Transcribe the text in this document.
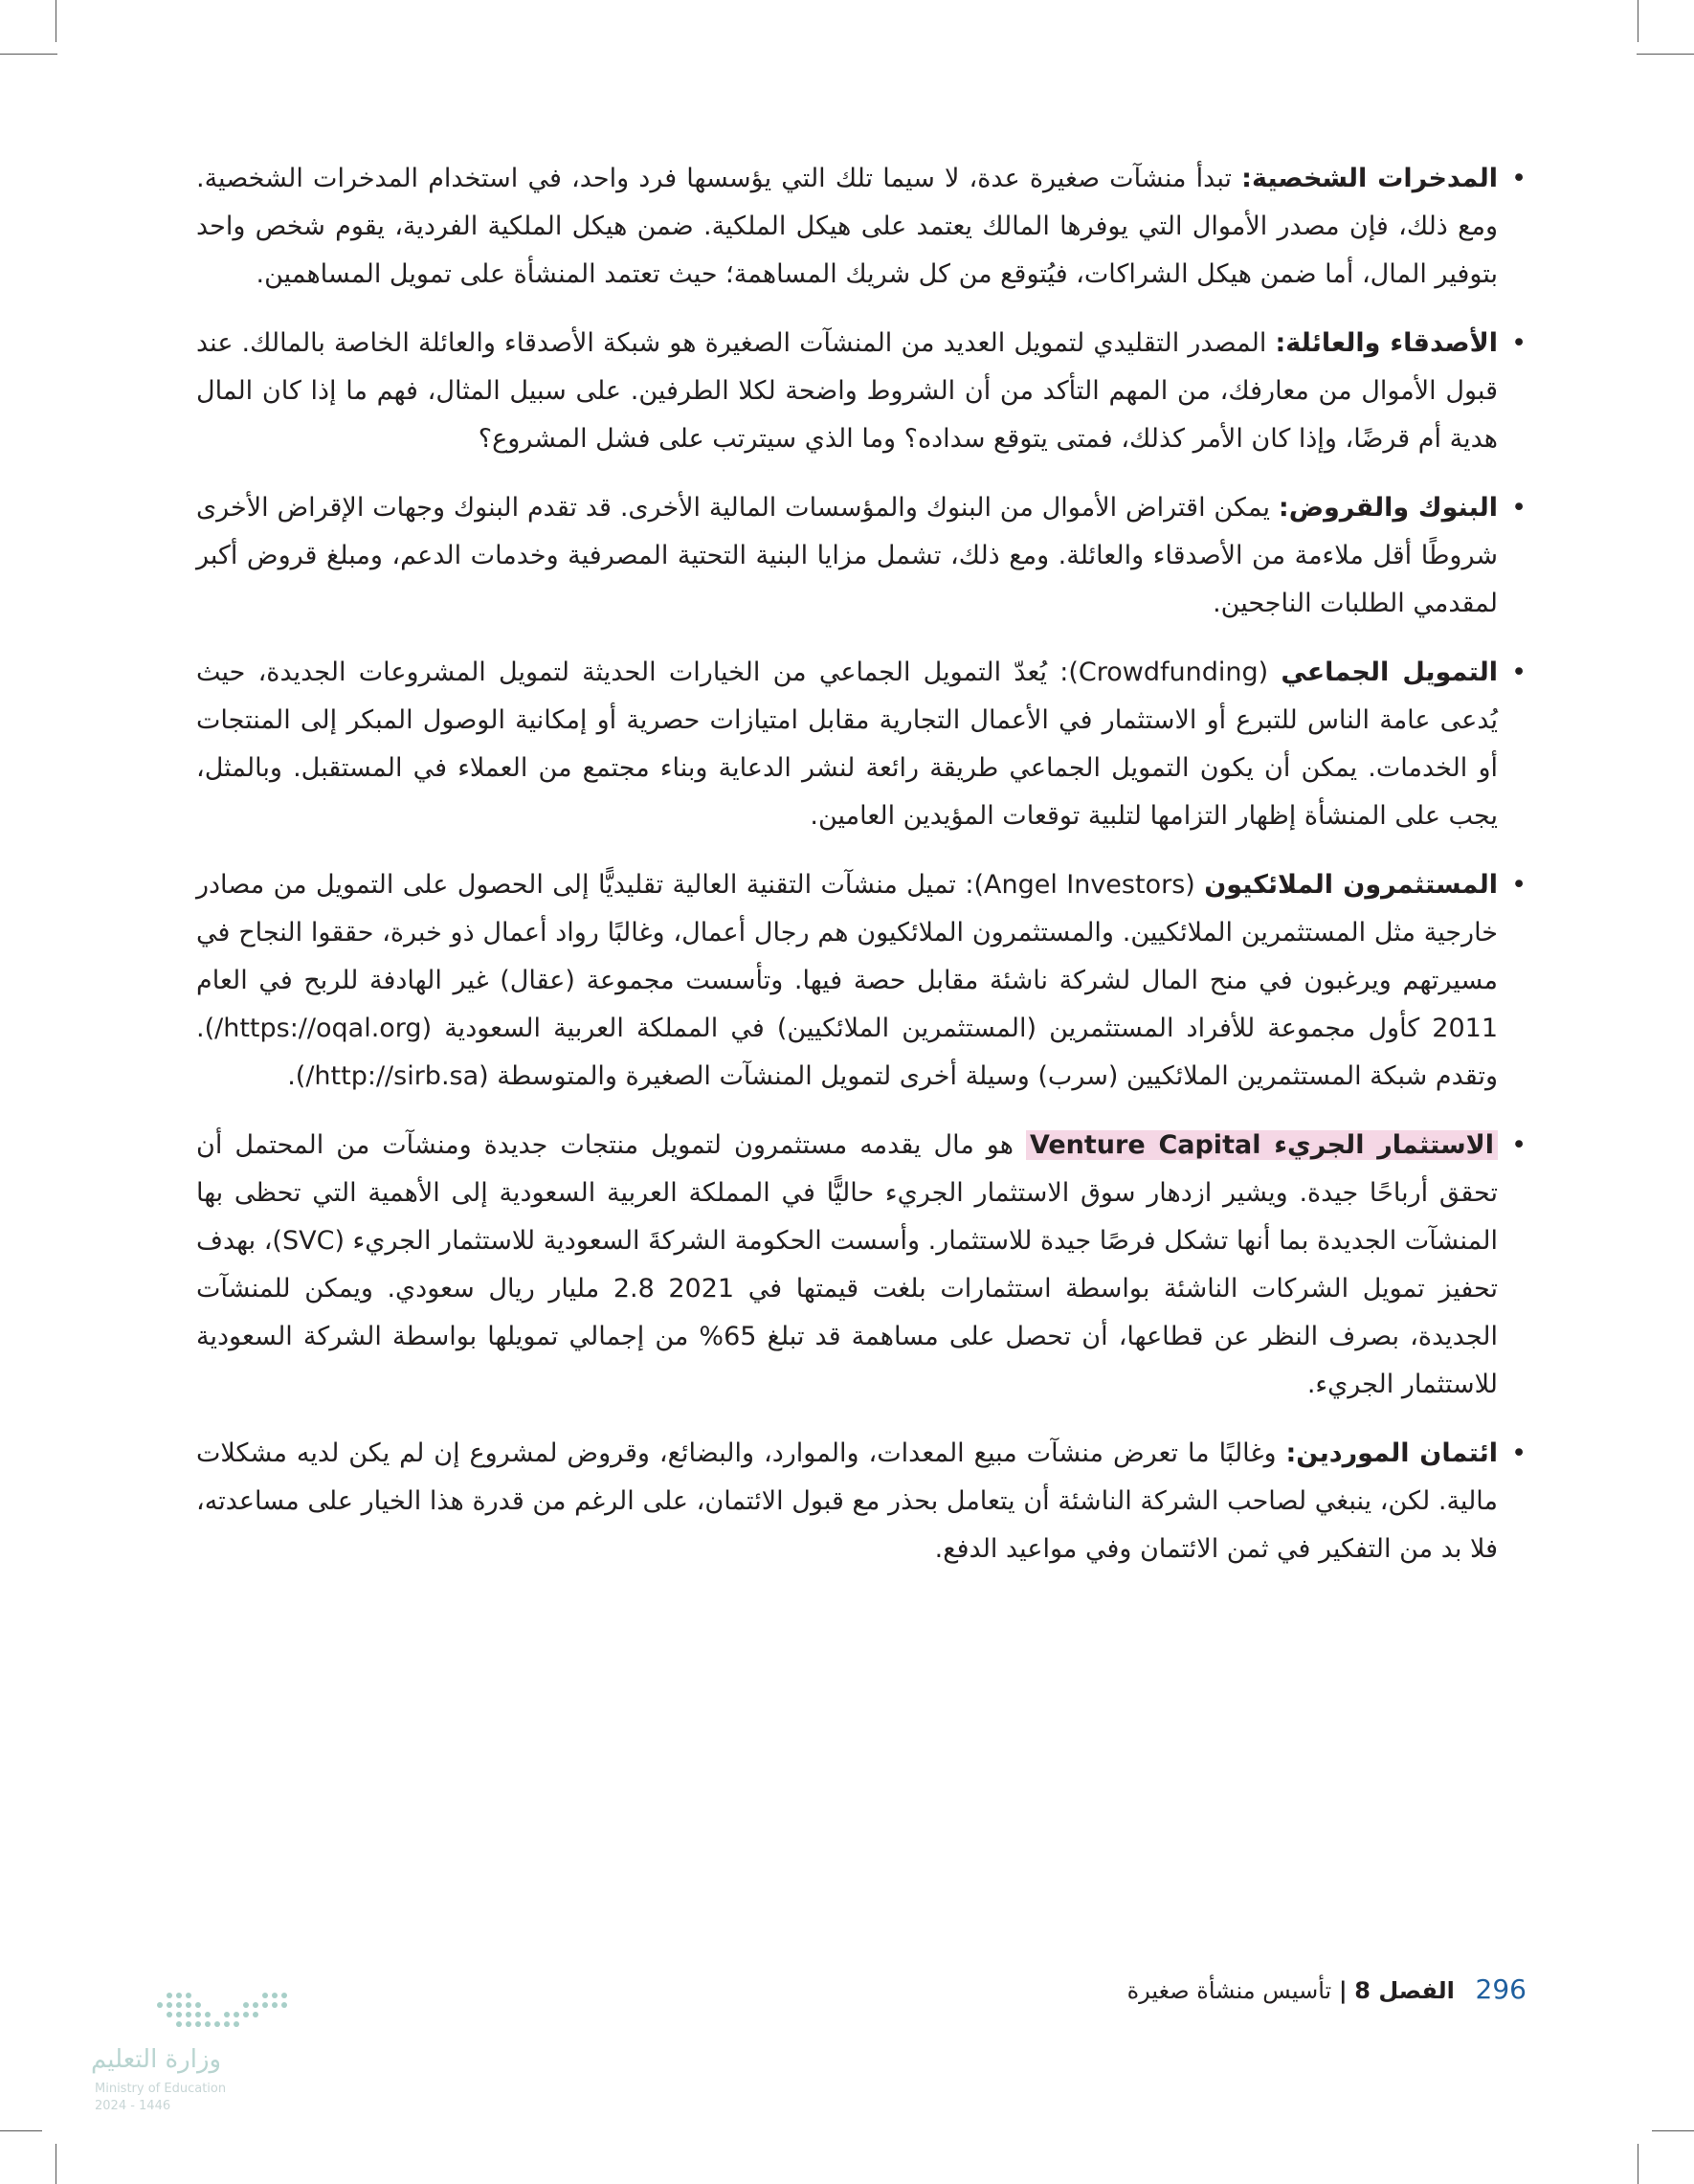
•
المدخرات الشخصية: تبدأ منشآت صغيرة عدة، لا سيما تلك التي يؤسسها فرد واحد، في استخدام المدخرات الشخصية. ومع ذلك، فإن مصدر الأموال التي يوفرها المالك يعتمد على هيكل الملكية. ضمن هيكل الملكية الفردية، يقوم شخص واحد بتوفير المال، أما ضمن هيكل الشراكات، فيُتوقع من كل شريك المساهمة؛ حيث تعتمد المنشأة على تمويل المساهمين.
•
الأصدقاء والعائلة: المصدر التقليدي لتمويل العديد من المنشآت الصغيرة هو شبكة الأصدقاء والعائلة الخاصة بالمالك. عند قبول الأموال من معارفك، من المهم التأكد من أن الشروط واضحة لكلا الطرفين. على سبيل المثال، فهم ما إذا كان المال هدية أم قرضًا، وإذا كان الأمر كذلك، فمتى يتوقع سداده؟ وما الذي سيترتب على فشل المشروع؟
•
البنوك والقروض: يمكن اقتراض الأموال من البنوك والمؤسسات المالية الأخرى. قد تقدم البنوك وجهات الإقراض الأخرى شروطًا أقل ملاءمة من الأصدقاء والعائلة. ومع ذلك، تشمل مزايا البنية التحتية المصرفية وخدمات الدعم، ومبلغ قروض أكبر لمقدمي الطلبات الناجحين.
•
التمويل الجماعي (Crowdfunding): يُعدّ التمويل الجماعي من الخيارات الحديثة لتمويل المشروعات الجديدة، حيث يُدعى عامة الناس للتبرع أو الاستثمار في الأعمال التجارية مقابل امتيازات حصرية أو إمكانية الوصول المبكر إلى المنتجات أو الخدمات. يمكن أن يكون التمويل الجماعي طريقة رائعة لنشر الدعاية وبناء مجتمع من العملاء في المستقبل. وبالمثل، يجب على المنشأة إظهار التزامها لتلبية توقعات المؤيدين العامين.
•
المستثمرون الملائكيون (Angel Investors): تميل منشآت التقنية العالية تقليديًّا إلى الحصول على التمويل من مصادر خارجية مثل المستثمرين الملائكيين. والمستثمرون الملائكيون هم رجال أعمال، وغالبًا رواد أعمال ذو خبرة، حققوا النجاح في مسيرتهم ويرغبون في منح المال لشركة ناشئة مقابل حصة فيها. وتأسست مجموعة (عقال) غير الهادفة للربح في العام 2011 كأول مجموعة للأفراد المستثمرين (المستثمرين الملائكيين) في المملكة العربية السعودية (https://oqal.org/). وتقدم شبكة المستثمرين الملائكيين (سرب) وسيلة أخرى لتمويل المنشآت الصغيرة والمتوسطة (http://sirb.sa/).
•
الاستثمار الجريء Venture Capital هو مال يقدمه مستثمرون لتمويل منتجات جديدة ومنشآت من المحتمل أن تحقق أرباحًا جيدة. ويشير ازدهار سوق الاستثمار الجريء حاليًّا في المملكة العربية السعودية إلى الأهمية التي تحظى بها المنشآت الجديدة بما أنها تشكل فرصًا جيدة للاستثمار. وأسست الحكومة الشركةَ السعودية للاستثمار الجريء (SVC)، بهدف تحفيز تمويل الشركات الناشئة بواسطة استثمارات بلغت قيمتها في 2021 2.8 مليار ريال سعودي. ويمكن للمنشآت الجديدة، بصرف النظر عن قطاعها، أن تحصل على مساهمة قد تبلغ 65% من إجمالي تمويلها بواسطة الشركة السعودية للاستثمار الجريء.
•
ائتمان الموردين: وغالبًا ما تعرض منشآت مبيع المعدات، والموارد، والبضائع، وقروض لمشروع إن لم يكن لديه مشكلات مالية. لكن، ينبغي لصاحب الشركة الناشئة أن يتعامل بحذر مع قبول الائتمان، على الرغم من قدرة هذا الخيار على مساعدته، فلا بد من التفكير في ثمن الائتمان وفي مواعيد الدفع.
296 الفصل 8 | تأسيس منشأة صغيرة
وزارة التعليم
Ministry of Education
2024 - 1446
